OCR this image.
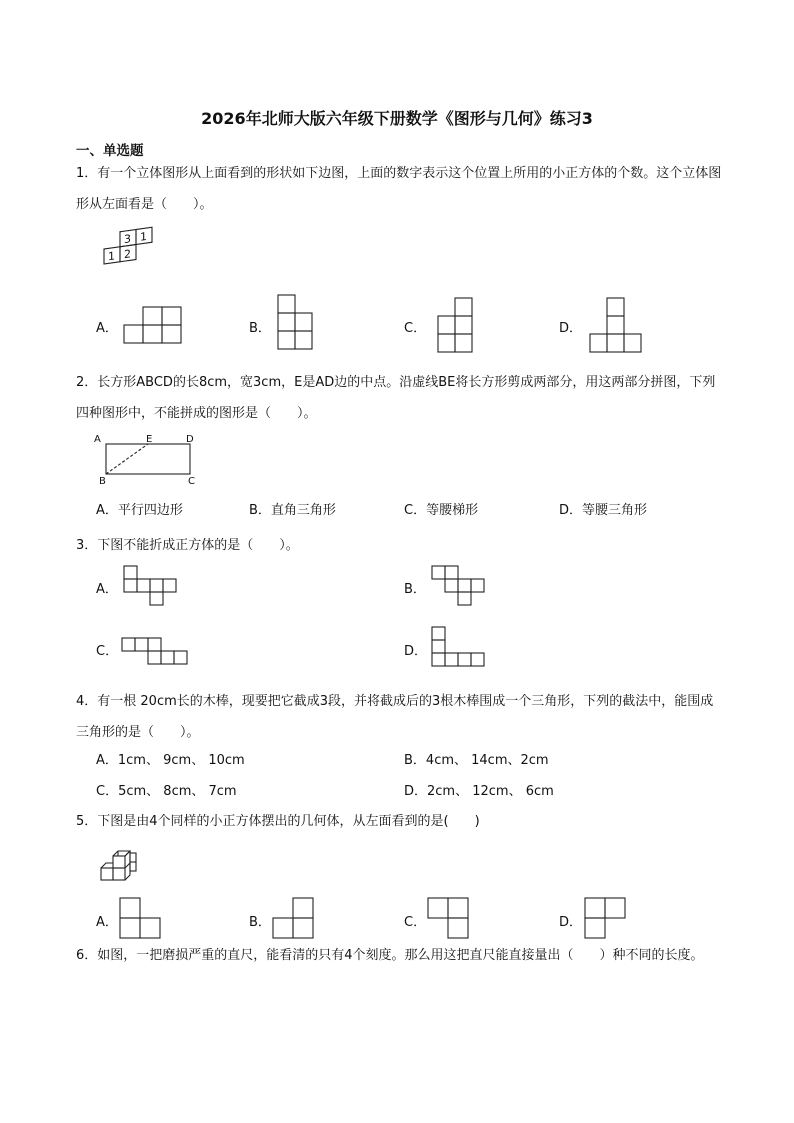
2026年北师大版六年级下册数学《图形与几何》练习3
一、单选题
1．有一个立体图形从上面看到的形状如下边图，上面的数字表示这个位置上所用的小正方体的个数。这个立体图形从左面看是（　　）。
3 1
1 2
A．	B．	C．	D．
2．长方形ABCD的长8cm，宽3cm，E是AD边的中点。沿虚线BE将长方形剪成两部分，用这两部分拼图，下列四种图形中，不能拼成的图形是（　　）。
A	E	D
B	C
A．平行四边形	B．直角三角形	C．等腰梯形	D．等腰三角形
3．下图不能折成正方体的是（　　）。
A．	B．
C．	D．
4．有一根 20cm长的木棒，现要把它截成3段，并将截成后的3根木棒围成一个三角形，下列的截法中，能围成三角形的是（　　）。
A．1cm、 9cm、 10cm	B．4cm、 14cm、2cm
C．5cm、 8cm、 7cm	D．2cm、 12cm、 6cm
5．下图是由4个同样的小正方体摆出的几何体，从左面看到的是(　　)
A．	B．	C．	D．
6．如图，一把磨损严重的直尺，能看清的只有4个刻度。那么用这把直尺能直接量出（　　）种不同的长度。
